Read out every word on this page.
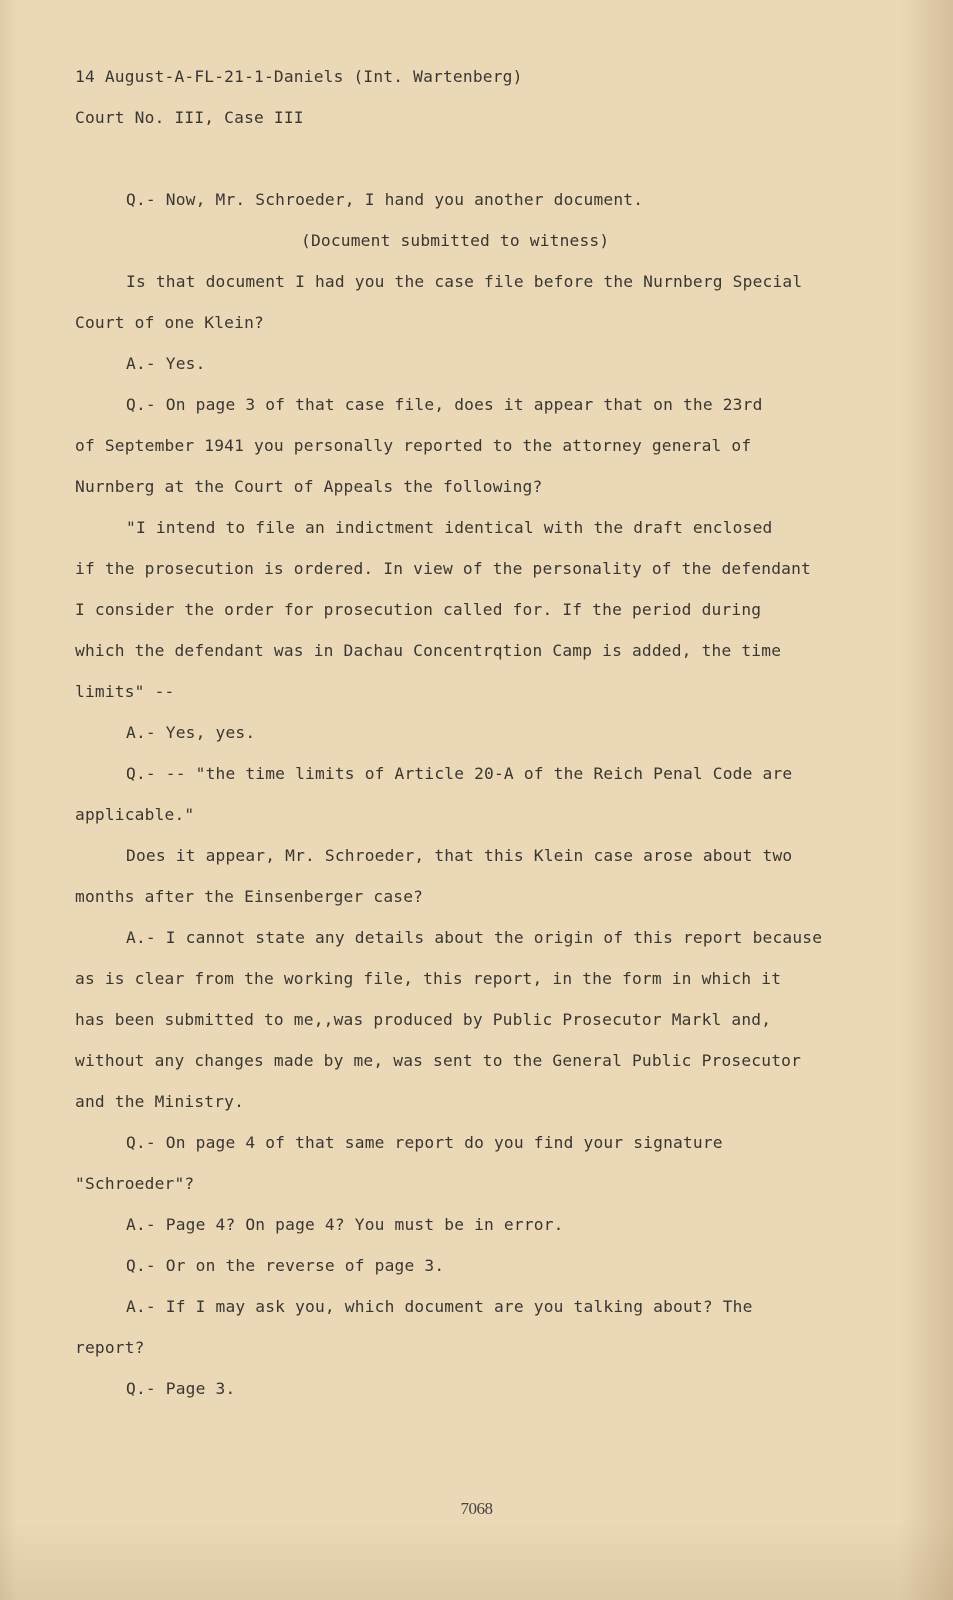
14 August-A-FL-21-1-Daniels (Int. Wartenberg)
Court No. III, Case III
Q.- Now, Mr. Schroeder, I hand you another document.
(Document submitted to witness)
Is that document I had you the case file before the Nurnberg Special
Court of one Klein?
A.- Yes.
Q.- On page 3 of that case file, does it appear that on the 23rd
of September 1941 you personally reported to the attorney general of
Nurnberg at the Court of Appeals the following?
"I intend to file an indictment identical with the draft enclosed
if the prosecution is ordered. In view of the personality of the defendant
I consider the order for prosecution called for. If the period during
which the defendant was in Dachau Concentrqtion Camp is added, the time
limits" --
A.- Yes, yes.
Q.- -- "the time limits of Article 20-A of the Reich Penal Code are
applicable."
Does it appear, Mr. Schroeder, that this Klein case arose about two
months after the Einsenberger case?
A.- I cannot state any details about the origin of this report because
as is clear from the working file, this report, in the form in which it
has been submitted to me,,was produced by Public Prosecutor Markl and,
without any changes made by me, was sent to the General Public Prosecutor
and the Ministry.
Q.- On page 4 of that same report do you find your signature
"Schroeder"?
A.- Page 4? On page 4? You must be in error.
Q.- Or on the reverse of page 3.
A.- If I may ask you, which document are you talking about? The
report?
Q.- Page 3.
7068
